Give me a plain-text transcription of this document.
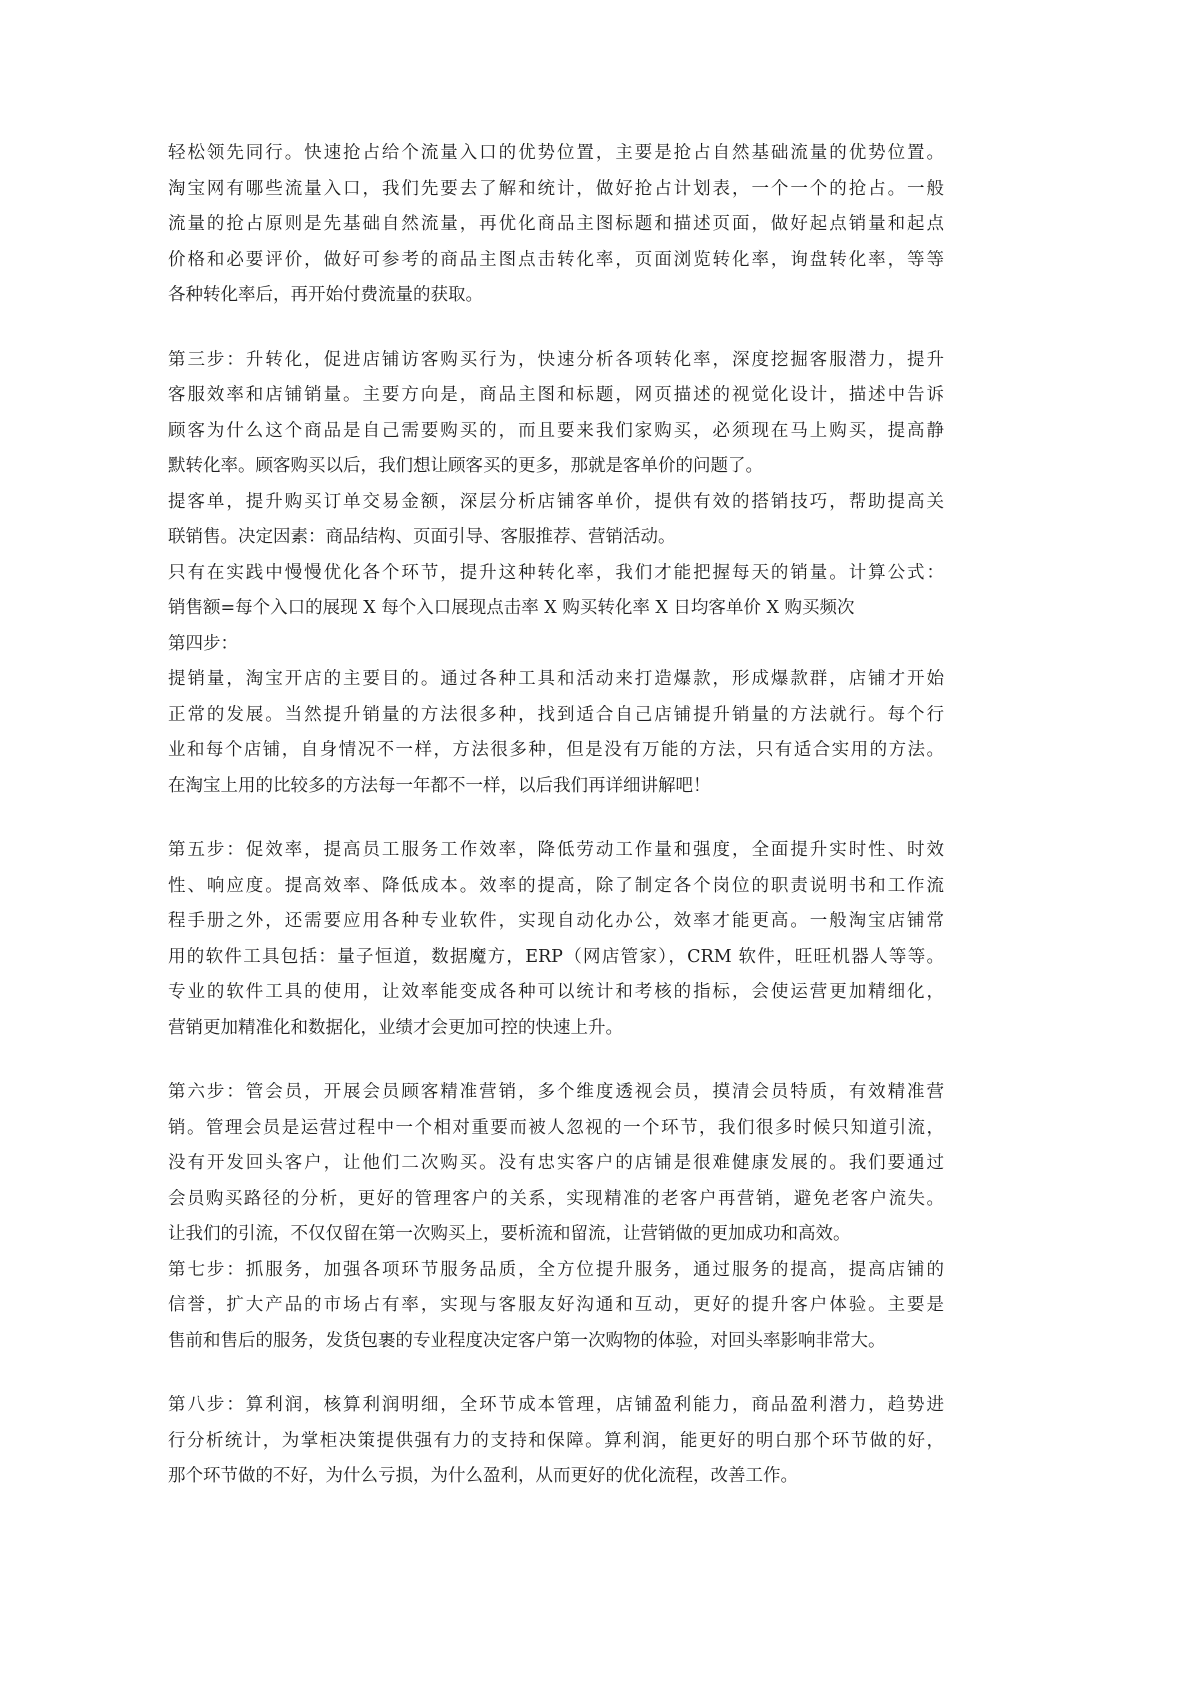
轻松领先同行。快速抢占给个流量入口的优势位置，主要是抢占自然基础流量的优势位置。
淘宝网有哪些流量入口，我们先要去了解和统计，做好抢占计划表，一个一个的抢占。一般
流量的抢占原则是先基础自然流量，再优化商品主图标题和描述页面，做好起点销量和起点
价格和必要评价，做好可参考的商品主图点击转化率，页面浏览转化率，询盘转化率，等等
各种转化率后，再开始付费流量的获取。
第三步：升转化，促进店铺访客购买行为，快速分析各项转化率，深度挖掘客服潜力，提升
客服效率和店铺销量。主要方向是，商品主图和标题，网页描述的视觉化设计，描述中告诉
顾客为什么这个商品是自己需要购买的，而且要来我们家购买，必须现在马上购买，提高静
默转化率。顾客购买以后，我们想让顾客买的更多，那就是客单价的问题了。
提客单，提升购买订单交易金额，深层分析店铺客单价，提供有效的搭销技巧，帮助提高关
联销售。决定因素：商品结构、页面引导、客服推荐、营销活动。
只有在实践中慢慢优化各个环节，提升这种转化率，我们才能把握每天的销量。计算公式：
销售额=每个入口的展现 X 每个入口展现点击率 X 购买转化率 X 日均客单价 X 购买频次
第四步：
提销量，淘宝开店的主要目的。通过各种工具和活动来打造爆款，形成爆款群，店铺才开始
正常的发展。当然提升销量的方法很多种，找到适合自己店铺提升销量的方法就行。每个行
业和每个店铺，自身情况不一样，方法很多种，但是没有万能的方法，只有适合实用的方法。
在淘宝上用的比较多的方法每一年都不一样，以后我们再详细讲解吧！
第五步：促效率，提高员工服务工作效率，降低劳动工作量和强度，全面提升实时性、时效
性、响应度。提高效率、降低成本。效率的提高，除了制定各个岗位的职责说明书和工作流
程手册之外，还需要应用各种专业软件，实现自动化办公，效率才能更高。一般淘宝店铺常
用的软件工具包括：量子恒道，数据魔方，ERP（网店管家），CRM 软件，旺旺机器人等等。
专业的软件工具的使用，让效率能变成各种可以统计和考核的指标，会使运营更加精细化，
营销更加精准化和数据化，业绩才会更加可控的快速上升。
第六步：管会员，开展会员顾客精准营销，多个维度透视会员，摸清会员特质，有效精准营
销。管理会员是运营过程中一个相对重要而被人忽视的一个环节，我们很多时候只知道引流，
没有开发回头客户，让他们二次购买。没有忠实客户的店铺是很难健康发展的。我们要通过
会员购买路径的分析，更好的管理客户的关系，实现精准的老客户再营销，避免老客户流失。
让我们的引流，不仅仅留在第一次购买上，要析流和留流，让营销做的更加成功和高效。
第七步：抓服务，加强各项环节服务品质，全方位提升服务，通过服务的提高，提高店铺的
信誉，扩大产品的市场占有率，实现与客服友好沟通和互动，更好的提升客户体验。主要是
售前和售后的服务，发货包裹的专业程度决定客户第一次购物的体验，对回头率影响非常大。
第八步：算利润，核算利润明细，全环节成本管理，店铺盈利能力，商品盈利潜力，趋势进
行分析统计，为掌柜决策提供强有力的支持和保障。算利润，能更好的明白那个环节做的好，
那个环节做的不好，为什么亏损，为什么盈利，从而更好的优化流程，改善工作。
